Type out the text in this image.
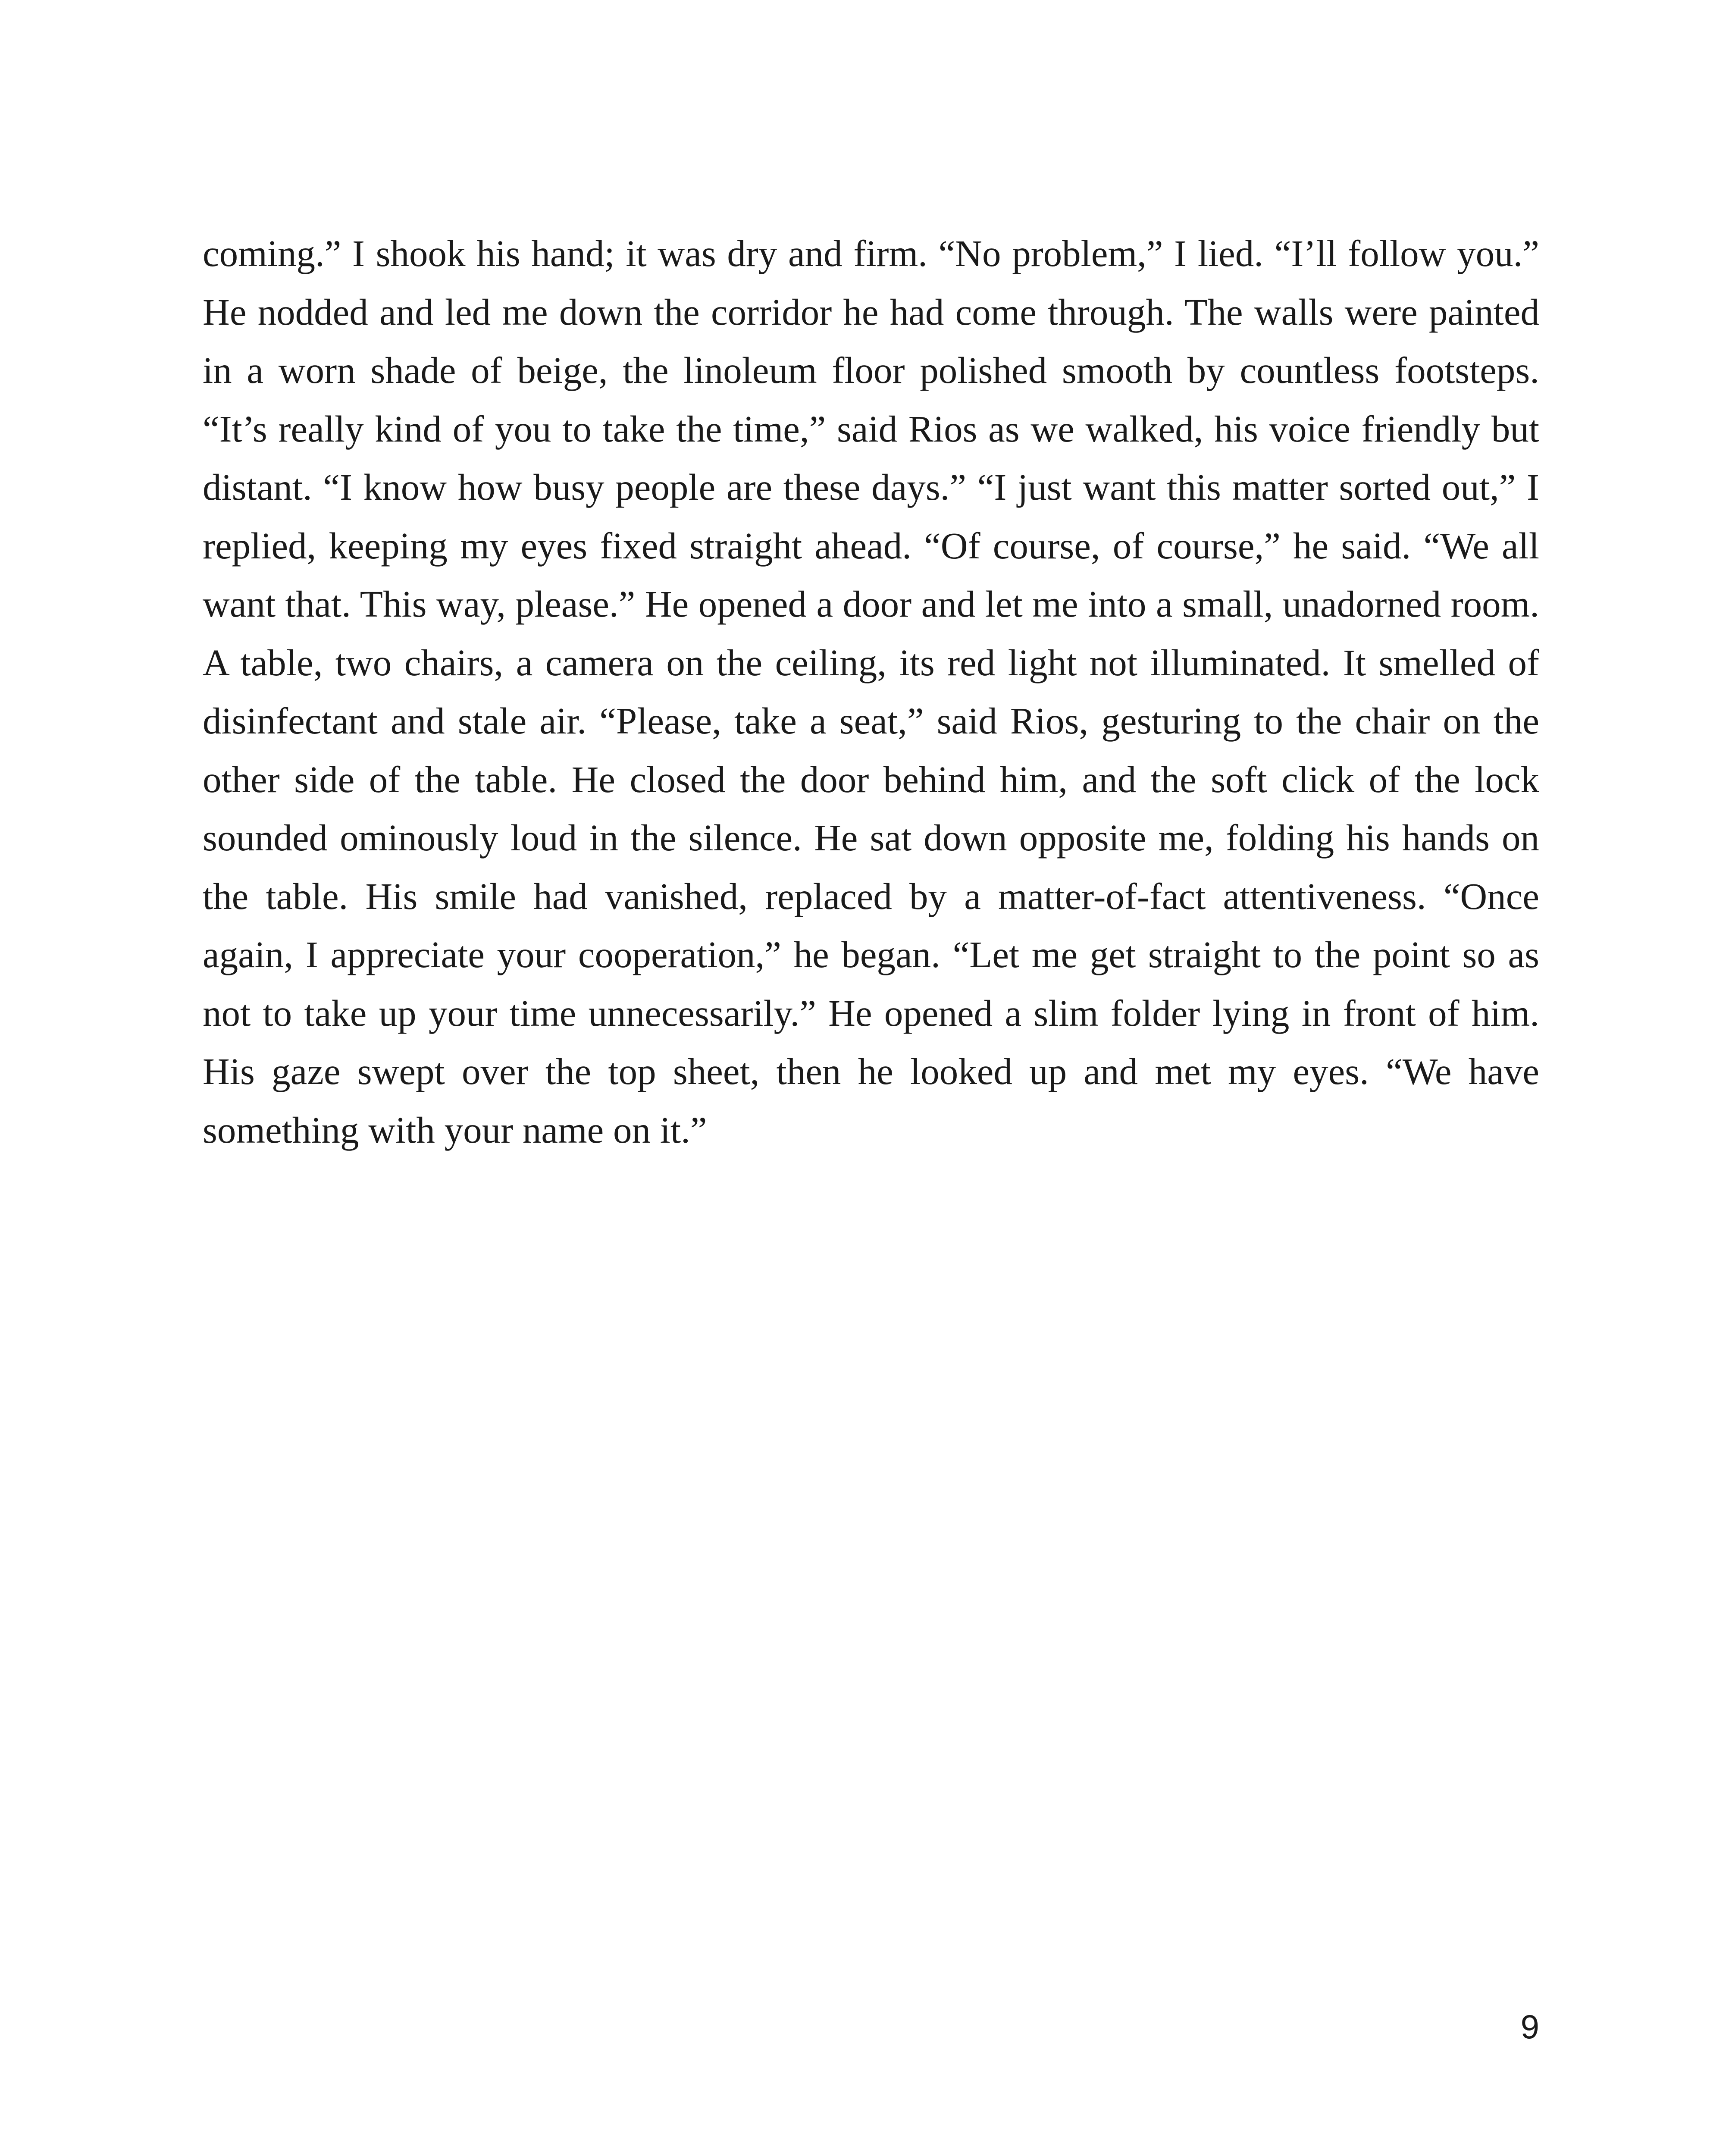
coming.” I shook his hand; it was dry and firm. “No problem,” I lied. “I’ll follow you.” He nodded and led me down the corridor he had come through. The walls were painted in a worn shade of beige, the linoleum floor polished smooth by countless footsteps. “It’s really kind of you to take the time,” said Rios as we walked, his voice friendly but distant. “I know how busy people are these days.” “I just want this matter sorted out,” I replied, keeping my eyes fixed straight ahead. “Of course, of course,” he said. “We all want that. This way, please.” He opened a door and let me into a small, unadorned room. A table, two chairs, a camera on the ceiling, its red light not illuminated. It smelled of disinfectant and stale air. “Please, take a seat,” said Rios, gesturing to the chair on the other side of the table. He closed the door behind him, and the soft click of the lock sounded ominously loud in the silence. He sat down opposite me, folding his hands on the table. His smile had vanished, replaced by a matter-of-fact attentiveness. “Once again, I appreciate your cooperation,” he began. “Let me get straight to the point so as not to take up your time unnecessarily.” He opened a slim folder lying in front of him. His gaze swept over the top sheet, then he looked up and met my eyes. “We have something with your name on it.”

9
